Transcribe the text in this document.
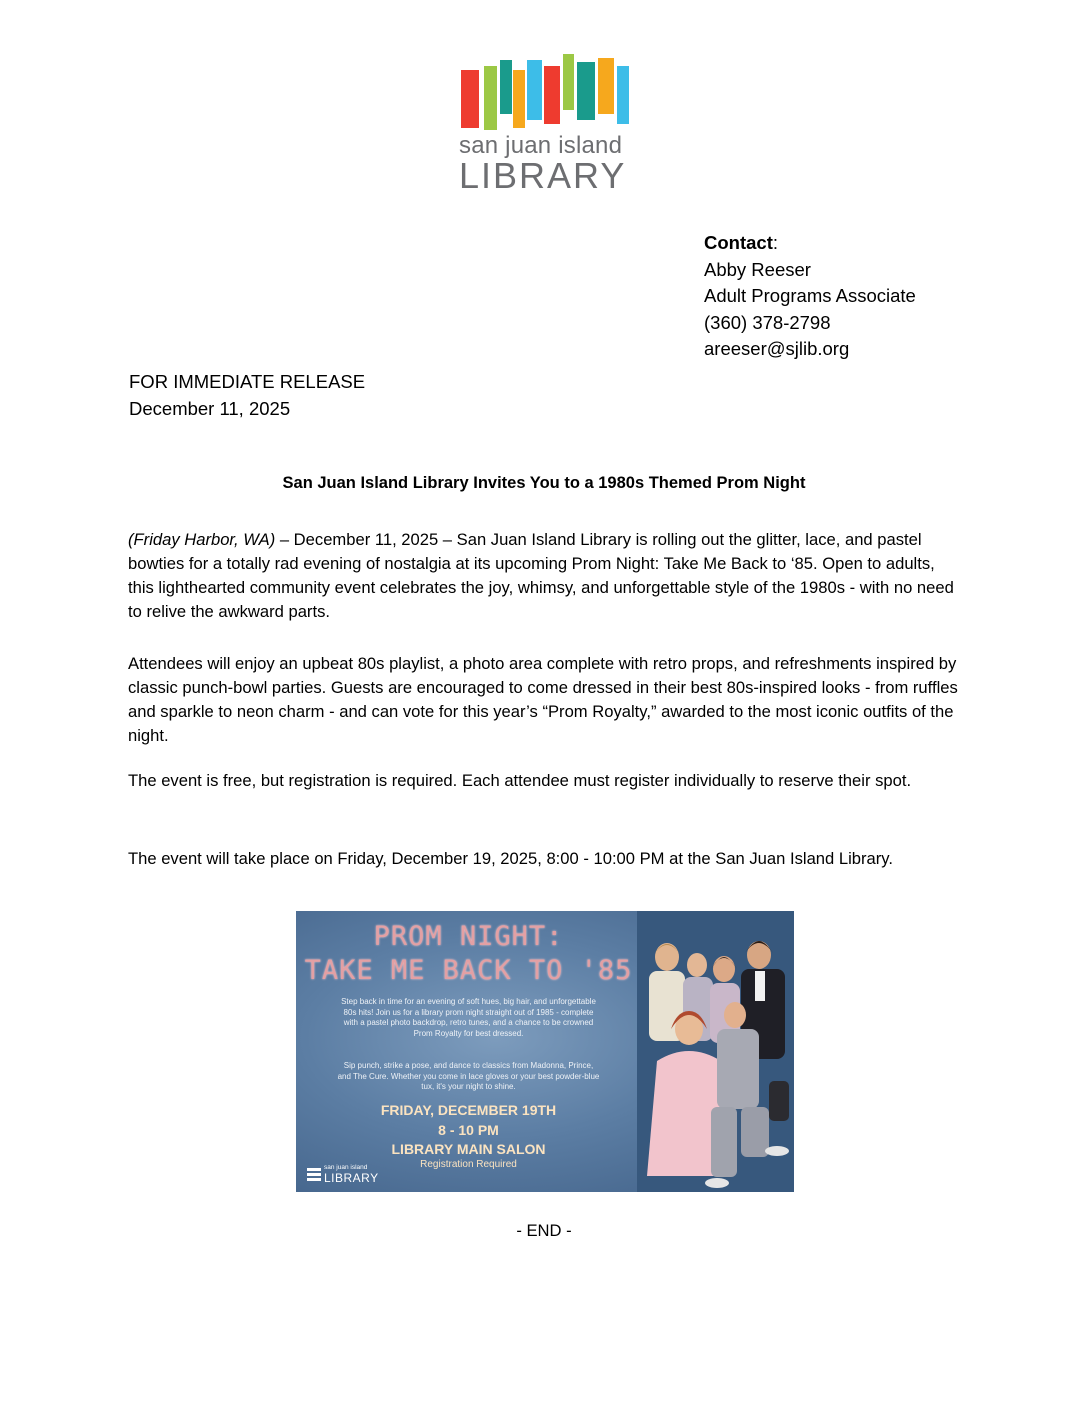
san juan island
LIBRARY
Contact:
Abby Reeser
Adult Programs Associate
(360) 378-2798
areeser@sjlib.org
FOR IMMEDIATE RELEASE
December 11, 2025
San Juan Island Library Invites You to a 1980s Themed Prom Night
(Friday Harbor, WA) – December 11, 2025 – San Juan Island Library is rolling out the glitter, lace, and pastel bowties for a totally rad evening of nostalgia at its upcoming Prom Night: Take Me Back to ‘85. Open to adults, this lighthearted community event celebrates the joy, whimsy, and unforgettable style of the 1980s - with no need to relive the awkward parts.
Attendees will enjoy an upbeat 80s playlist, a photo area complete with retro props, and refreshments inspired by classic punch-bowl parties. Guests are encouraged to come dressed in their best 80s-inspired looks - from ruffles and sparkle to neon charm - and can vote for this year’s “Prom Royalty,” awarded to the most iconic outfits of the night.
The event is free, but registration is required. Each attendee must register individually to reserve their spot.
The event will take place on Friday, December 19, 2025, 8:00 - 10:00 PM at the San Juan Island Library.
PROM NIGHT:
TAKE ME BACK TO '85
Step back in time for an evening of soft hues, big hair, and unforgettable 80s hits! Join us for a library prom night straight out of 1985 - complete with a pastel photo backdrop, retro tunes, and a chance to be crowned Prom Royalty for best dressed.
Sip punch, strike a pose, and dance to classics from Madonna, Prince, and The Cure. Whether you come in lace gloves or your best powder-blue tux, it's your night to shine.
FRIDAY, DECEMBER 19TH
8 - 10 PM
LIBRARY MAIN SALON
Registration Required
san juan island
LIBRARY
- END -
